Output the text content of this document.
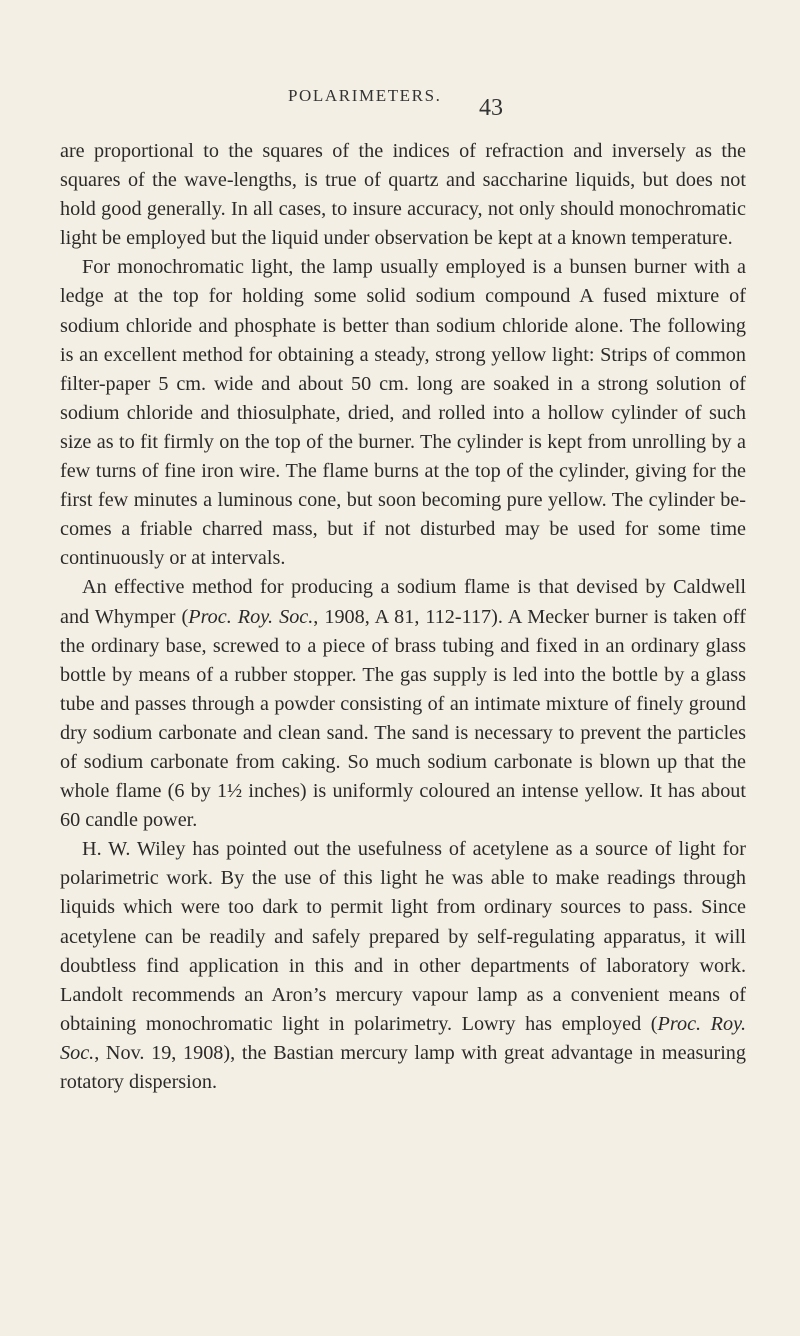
POLARIMETERS. 43

are proportional to the squares of the indices of refraction and inversely as the squares of the wave-lengths, is true of quartz and saccharine liquids, but does not hold good generally. In all cases, to insure accuracy, not only should monochromatic light be employed but the liquid under observation be kept at a known temperature.

For monochromatic light, the lamp usually employed is a bunsen burner with a ledge at the top for holding some solid sodium compound A fused mixture of sodium chloride and phosphate is better than sodium chloride alone. The following is an excellent method for obtaining a steady, strong yellow light: Strips of common filter-paper 5 cm. wide and about 50 cm. long are soaked in a strong solution of sodium chloride and thiosulphate, dried, and rolled into a hollow cylinder of such size as to fit firmly on the top of the burner. The cylinder is kept from unrolling by a few turns of fine iron wire. The flame burns at the top of the cylinder, giving for the first few minutes a luminous cone, but soon becoming pure yellow. The cylinder becomes a friable charred mass, but if not disturbed may be used for some time continuously or at intervals.

An effective method for producing a sodium flame is that devised by Caldwell and Whymper (Proc. Roy. Soc., 1908, A 81, 112-117). A Mecker burner is taken off the ordinary base, screwed to a piece of brass tubing and fixed in an ordinary glass bottle by means of a rubber stopper. The gas supply is led into the bottle by a glass tube and passes through a powder consisting of an intimate mixture of finely ground dry sodium carbonate and clean sand. The sand is necessary to prevent the particles of sodium carbonate from caking. So much sodium carbonate is blown up that the whole flame (6 by 1½ inches) is uniformly coloured an intense yellow. It has about 60 candle power.

H. W. Wiley has pointed out the usefulness of acetylene as a source of light for polarimetric work. By the use of this light he was able to make readings through liquids which were too dark to permit light from ordinary sources to pass. Since acetylene can be readily and safely prepared by self-regulating apparatus, it will doubtless find application in this and in other departments of laboratory work. Landolt recommends an Aron’s mercury vapour lamp as a convenient means of obtaining monochromatic light in polarimetry. Lowry has employed (Proc. Roy. Soc., Nov. 19, 1908), the Bastian mercury lamp with great advantage in measuring rotatory dispersion.
